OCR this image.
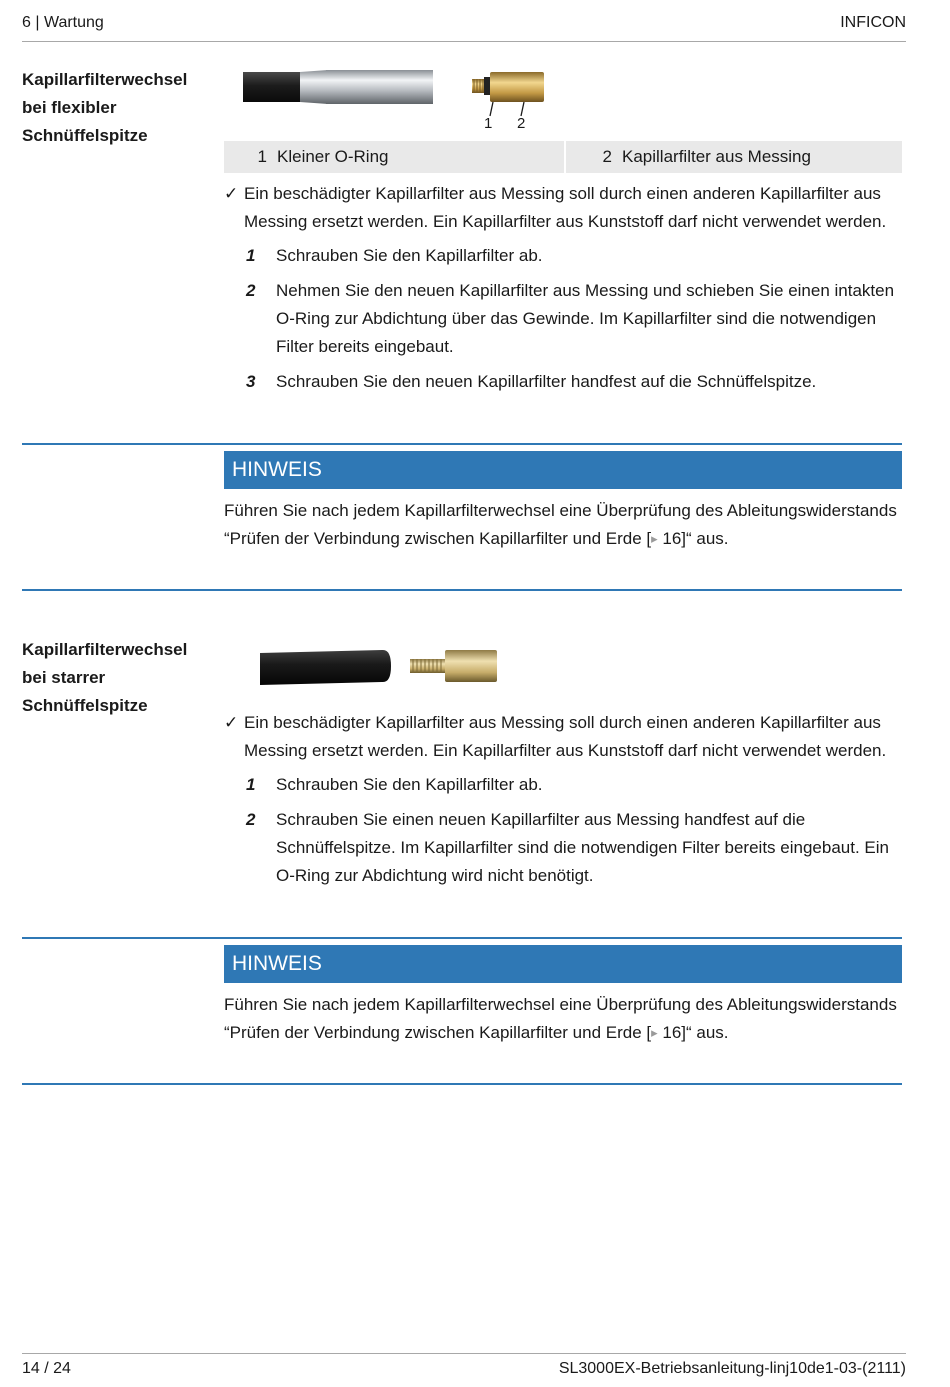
6 | Wartung	INFICON
Kapillarfilterwechsel
bei flexibler
Schnüffelspitze
1 2
1	Kleiner O-Ring	2	Kapillarfilter aus Messing
✓ Ein beschädigter Kapillarfilter aus Messing soll durch einen anderen Kapillarfilter aus Messing ersetzt werden. Ein Kapillarfilter aus Kunststoff darf nicht verwendet werden.
1 Schrauben Sie den Kapillarfilter ab.
2 Nehmen Sie den neuen Kapillarfilter aus Messing und schieben Sie einen intakten O-Ring zur Abdichtung über das Gewinde. Im Kapillarfilter sind die notwendigen Filter bereits eingebaut.
3 Schrauben Sie den neuen Kapillarfilter handfest auf die Schnüffelspitze.
HINWEIS
Führen Sie nach jedem Kapillarfilterwechsel eine Überprüfung des Ableitungswiderstands “Prüfen der Verbindung zwischen Kapillarfilter und Erde [▸ 16]“ aus.
Kapillarfilterwechsel
bei starrer
Schnüffelspitze
✓ Ein beschädigter Kapillarfilter aus Messing soll durch einen anderen Kapillarfilter aus Messing ersetzt werden. Ein Kapillarfilter aus Kunststoff darf nicht verwendet werden.
1 Schrauben Sie den Kapillarfilter ab.
2 Schrauben Sie einen neuen Kapillarfilter aus Messing handfest auf die Schnüffelspitze. Im Kapillarfilter sind die notwendigen Filter bereits eingebaut. Ein O-Ring zur Abdichtung wird nicht benötigt.
HINWEIS
Führen Sie nach jedem Kapillarfilterwechsel eine Überprüfung des Ableitungswiderstands “Prüfen der Verbindung zwischen Kapillarfilter und Erde [▸ 16]“ aus.
14 / 24	SL3000EX-Betriebsanleitung-linj10de1-03-(2111)
